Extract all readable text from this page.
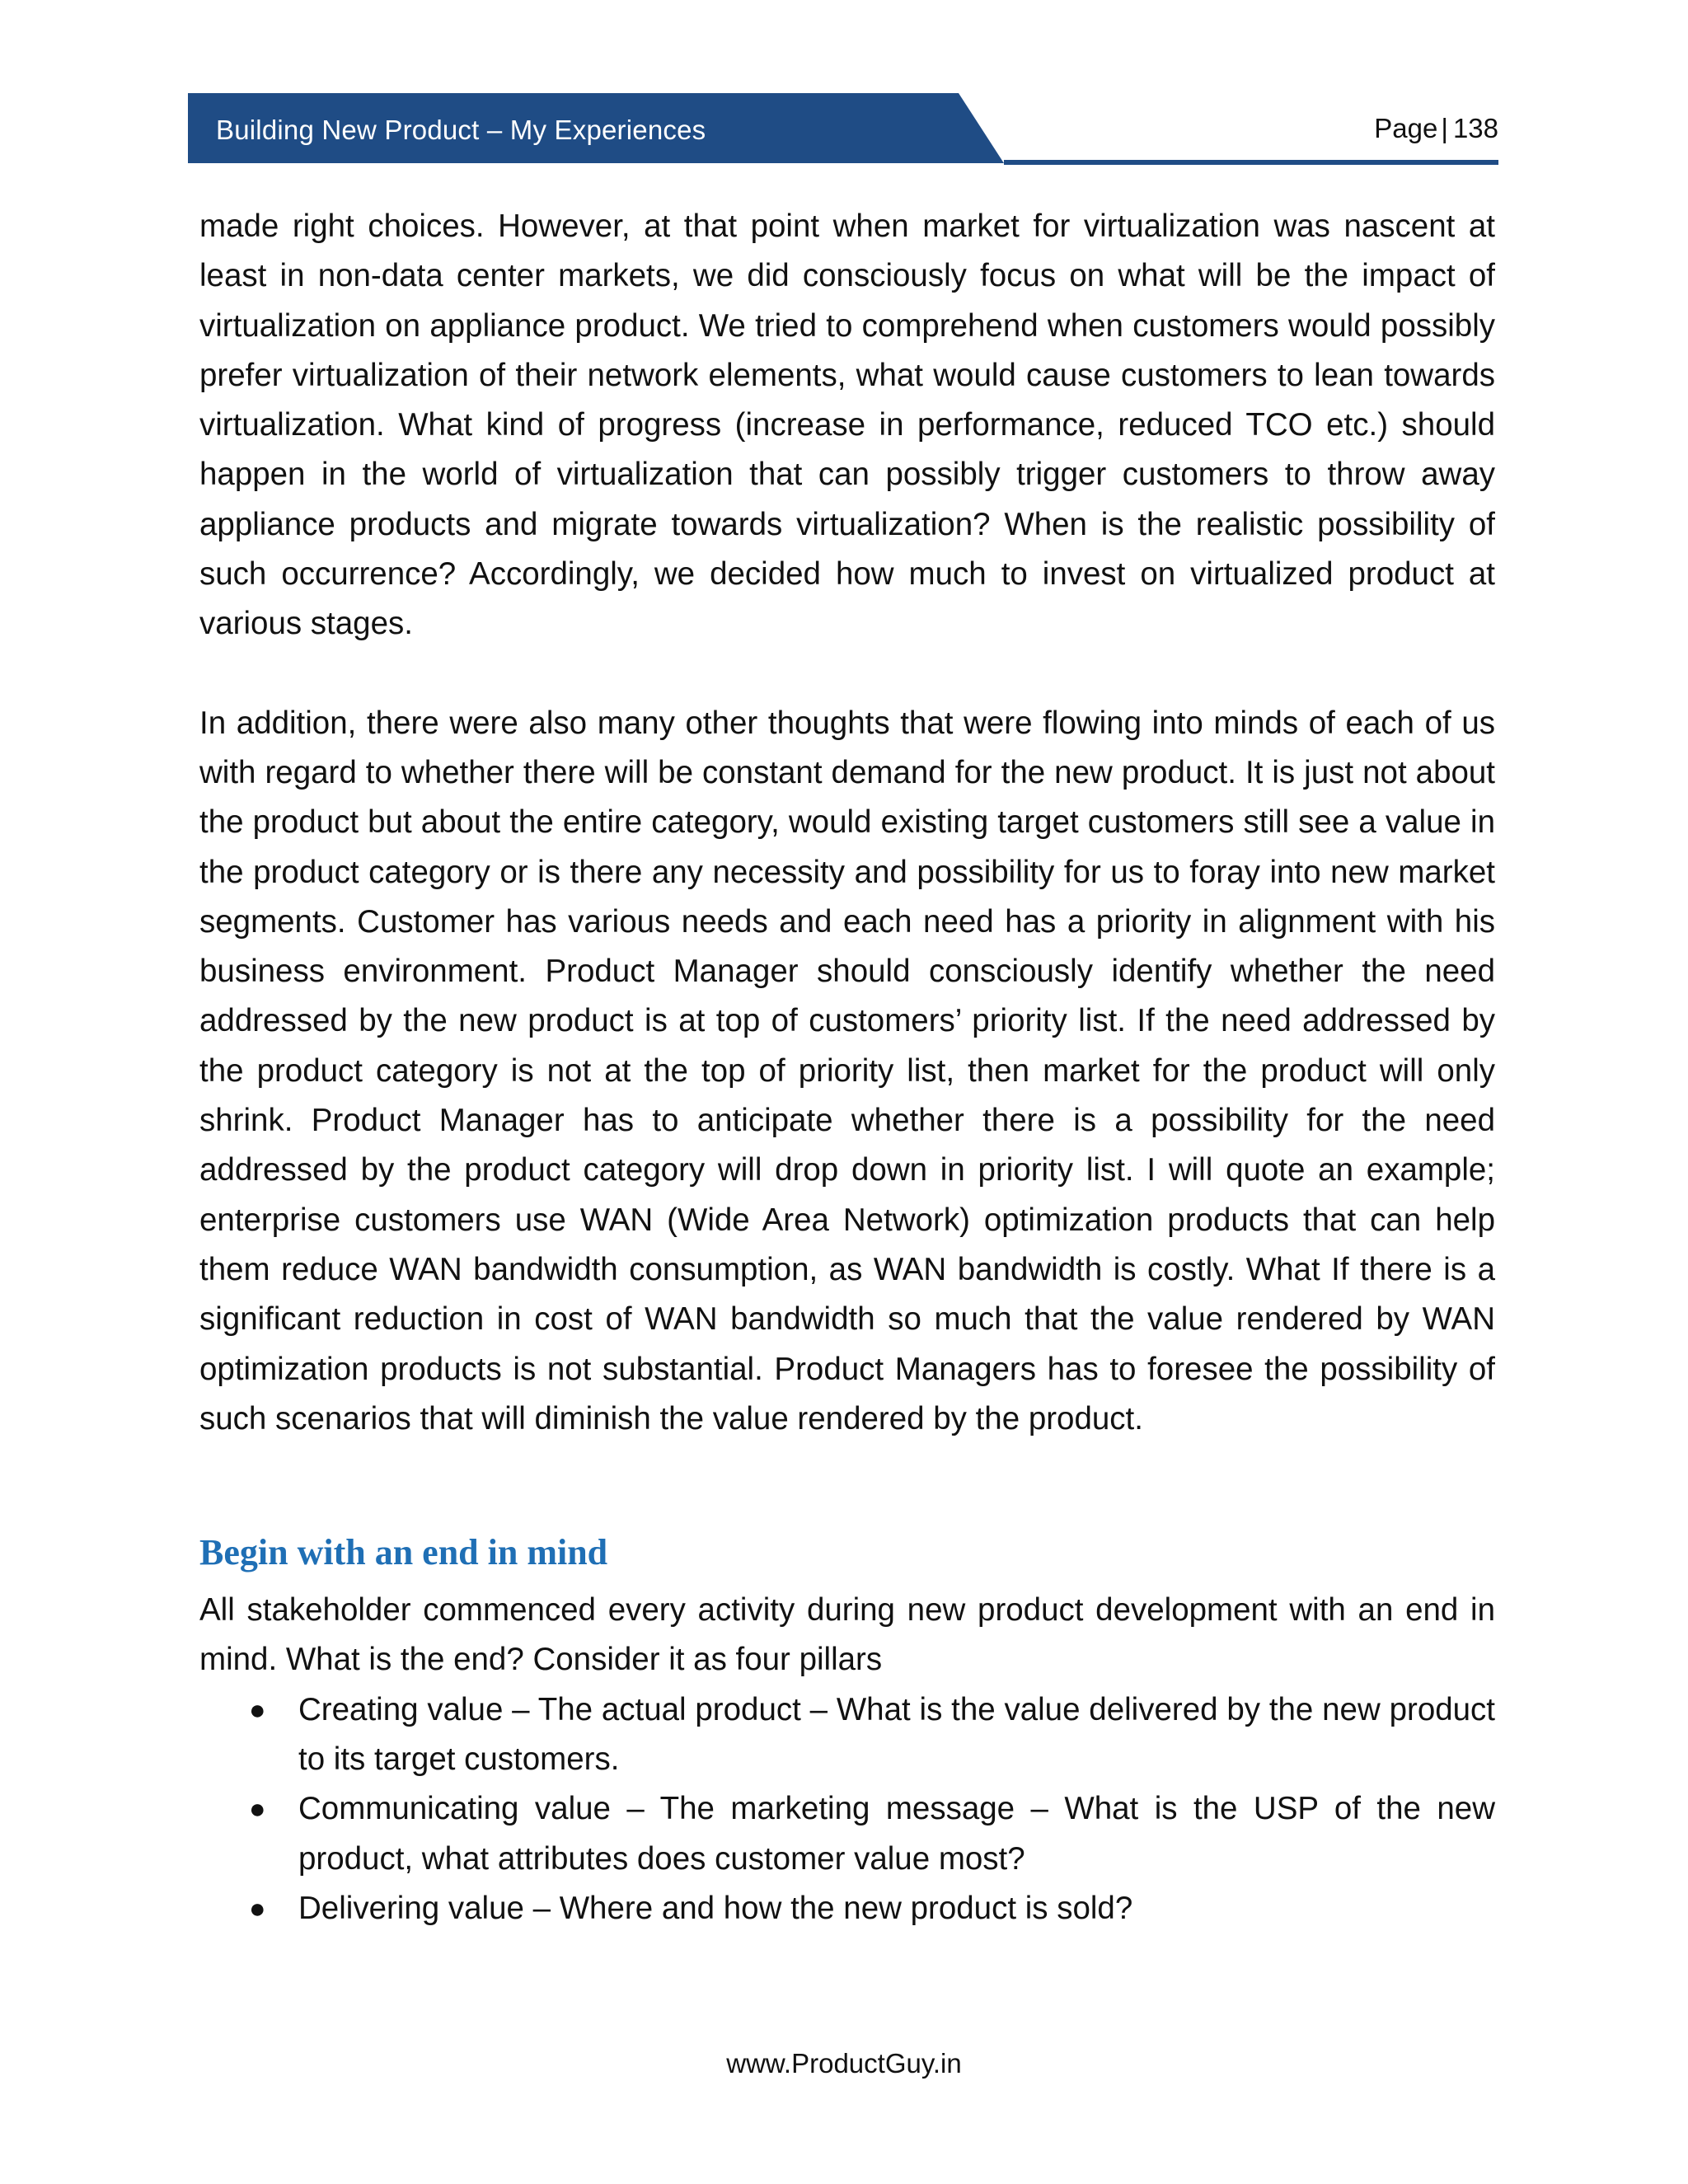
Building New Product – My Experiences	Page | 138

made right choices. However, at that point when market for virtualization was nascent at least in non-data center markets, we did consciously focus on what will be the impact of virtualization on appliance product. We tried to comprehend when customers would possibly prefer virtualization of their network elements, what would cause customers to lean towards virtualization. What kind of progress (increase in performance, reduced TCO etc.) should happen in the world of virtualization that can possibly trigger customers to throw away appliance products and migrate towards virtualization? When is the realistic possibility of such occurrence? Accordingly, we decided how much to invest on virtualized product at various stages.

In addition, there were also many other thoughts that were flowing into minds of each of us with regard to whether there will be constant demand for the new product. It is just not about the product but about the entire category, would existing target customers still see a value in the product category or is there any necessity and possibility for us to foray into new market segments. Customer has various needs and each need has a priority in alignment with his business environment. Product Manager should consciously identify whether the need addressed by the new product is at top of customers’ priority list. If the need addressed by the product category is not at the top of priority list, then market for the product will only shrink. Product Manager has to anticipate whether there is a possibility for the need addressed by the product category will drop down in priority list. I will quote an example; enterprise customers use WAN (Wide Area Network) optimization products that can help them reduce WAN bandwidth consumption, as WAN bandwidth is costly. What If there is a significant reduction in cost of WAN bandwidth so much that the value rendered by WAN optimization products is not substantial. Product Managers has to foresee the possibility of such scenarios that will diminish the value rendered by the product.

Begin with an end in mind

All stakeholder commenced every activity during new product development with an end in mind. What is the end? Consider it as four pillars

● Creating value – The actual product – What is the value delivered by the new product to its target customers.
● Communicating value – The marketing message – What is the USP of the new product, what attributes does customer value most?
● Delivering value – Where and how the new product is sold?
www.ProductGuy.in
